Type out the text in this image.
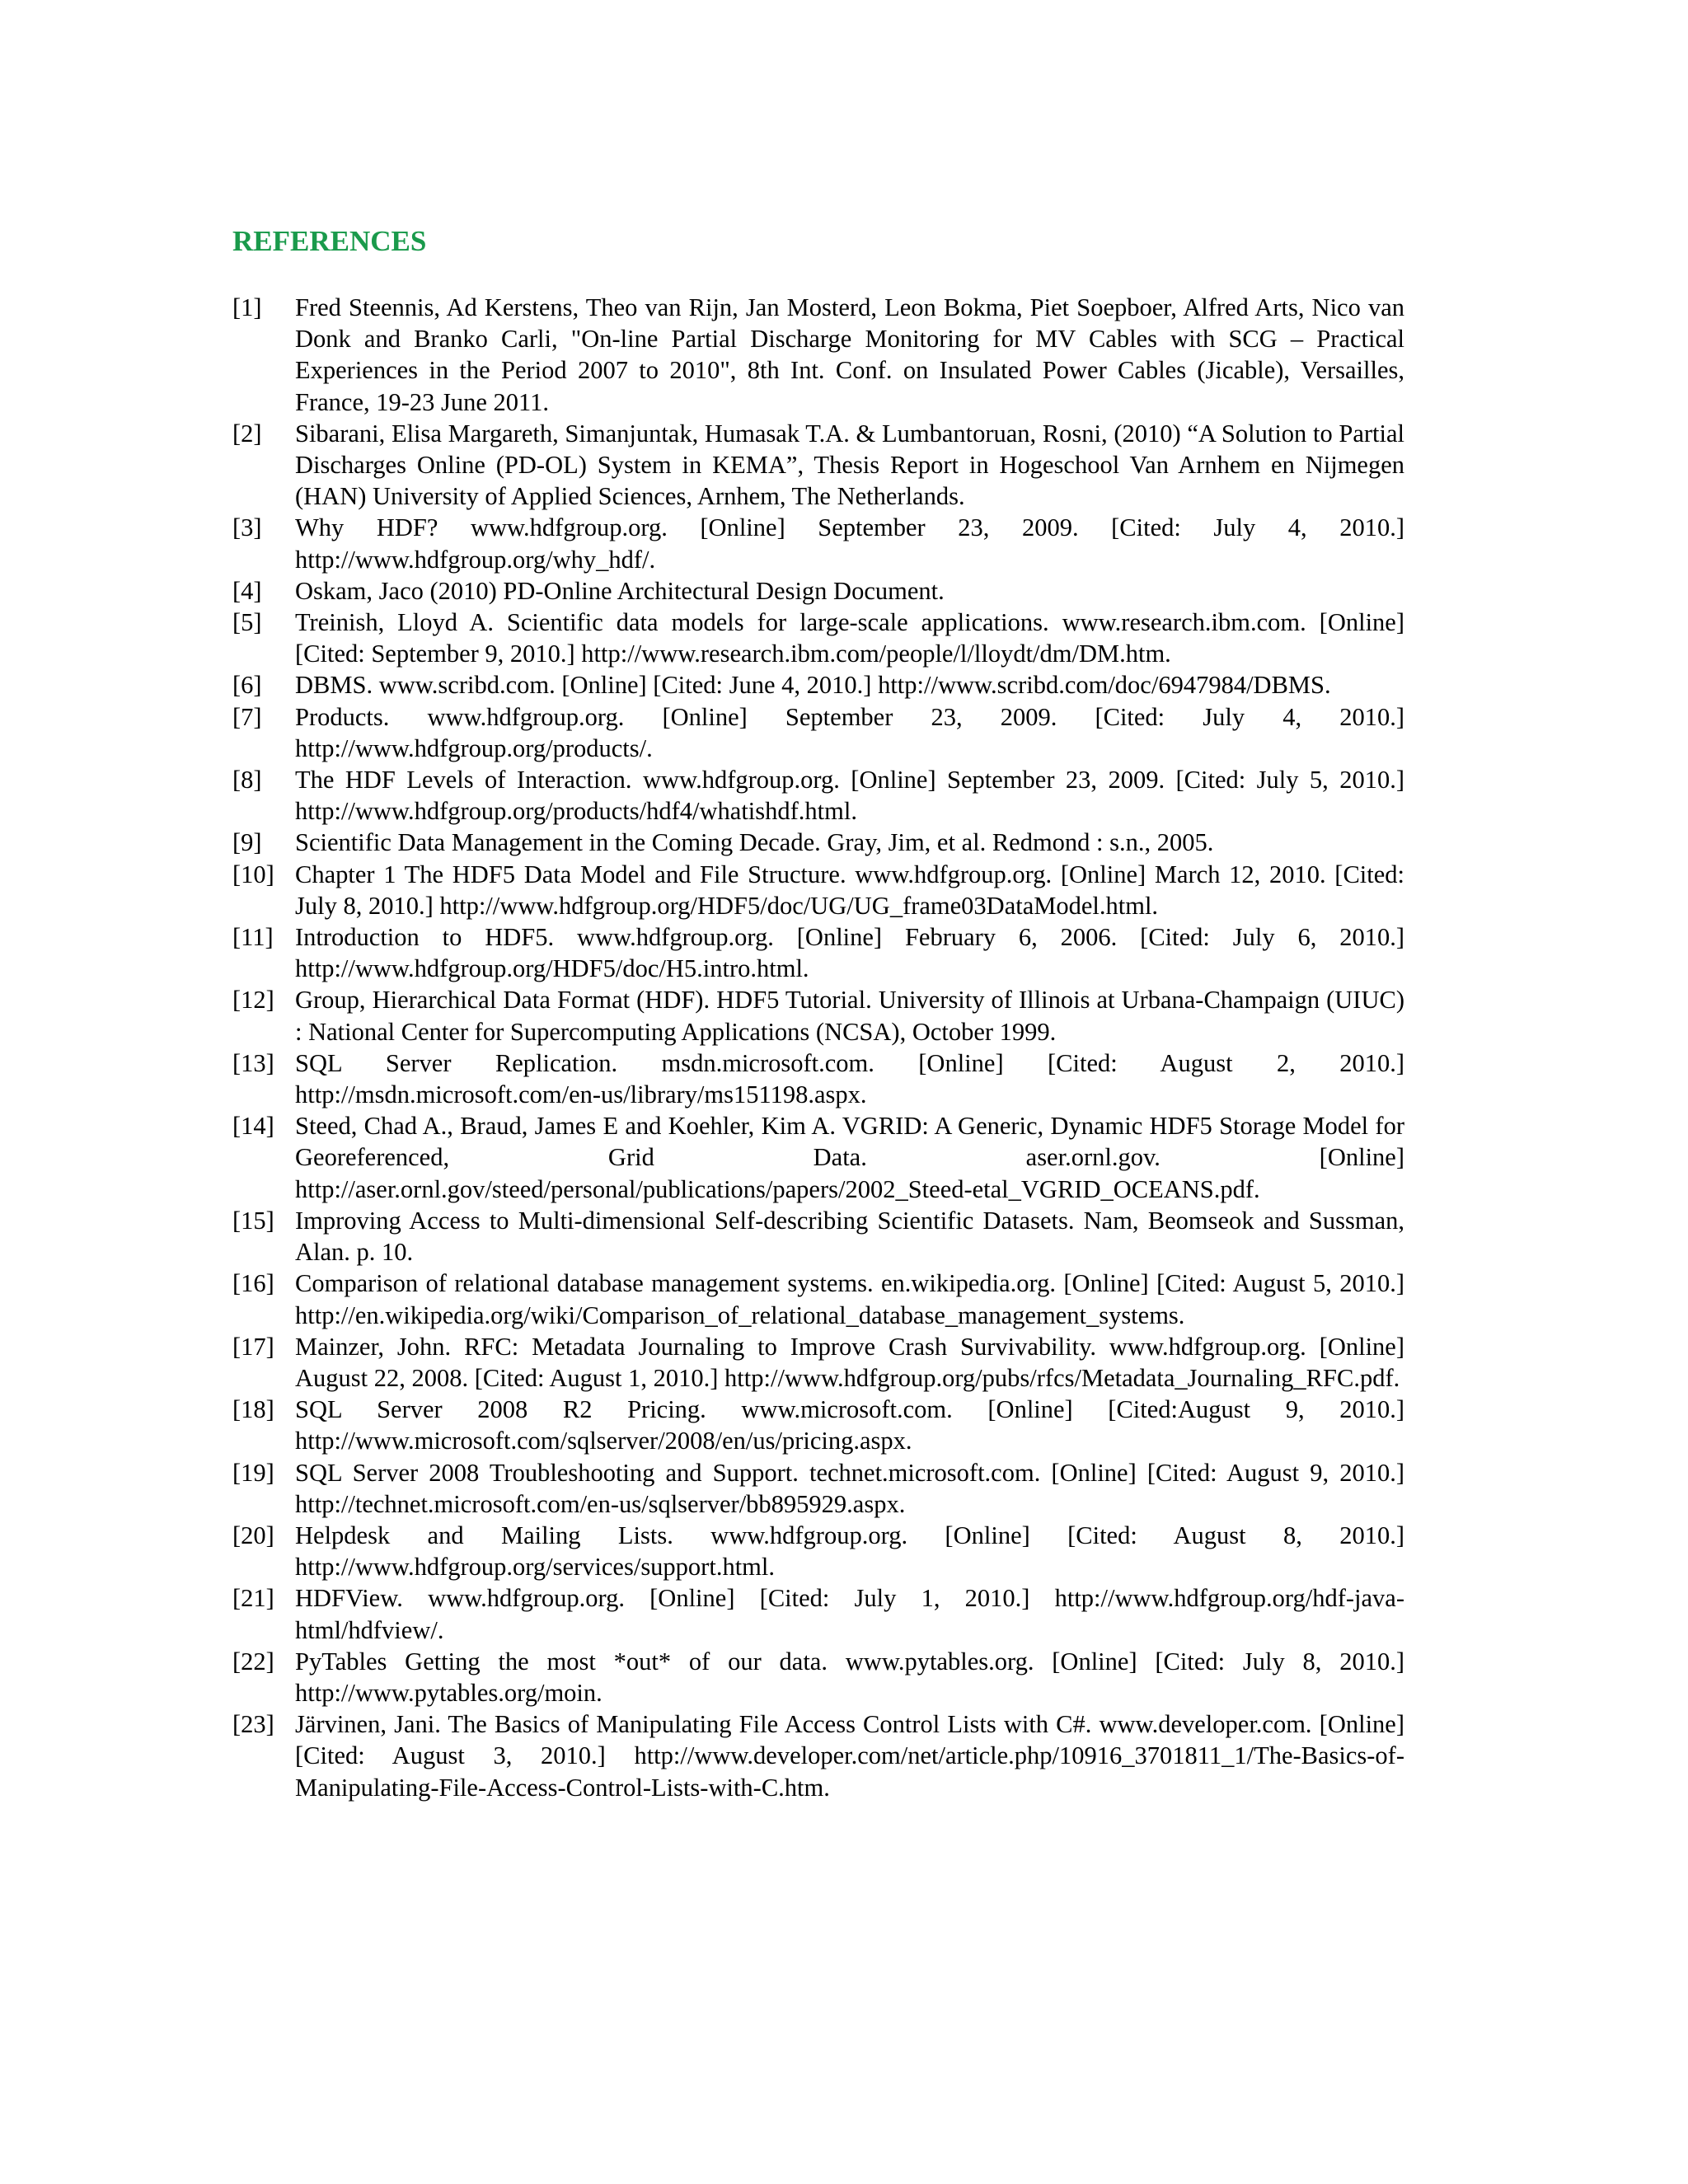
REFERENCES
[1]	Fred Steennis, Ad Kerstens, Theo van Rijn, Jan Mosterd, Leon Bokma, Piet Soepboer, Alfred Arts, Nico van Donk and Branko Carli, "On-line Partial Discharge Monitoring for MV Cables with SCG – Practical Experiences in the Period 2007 to 2010", 8th Int. Conf. on Insulated Power Cables (Jicable), Versailles, France, 19-23 June 2011.
[2]	Sibarani, Elisa Margareth, Simanjuntak, Humasak T.A. & Lumbantoruan, Rosni, (2010) “A Solution to Partial Discharges Online (PD-OL) System in KEMA”, Thesis Report in Hogeschool Van Arnhem en Nijmegen (HAN) University of Applied Sciences, Arnhem, The Netherlands.
[3]	Why HDF? www.hdfgroup.org. [Online] September 23, 2009. [Cited: July 4, 2010.] http://www.hdfgroup.org/why_hdf/.
[4]	Oskam, Jaco (2010) PD-Online Architectural Design Document.
[5]	Treinish, Lloyd A. Scientific data models for large-scale applications. www.research.ibm.com. [Online] [Cited: September 9, 2010.] http://www.research.ibm.com/people/l/lloydt/dm/DM.htm.
[6]	DBMS. www.scribd.com. [Online] [Cited: June 4, 2010.] http://www.scribd.com/doc/6947984/DBMS.
[7]	Products. www.hdfgroup.org. [Online] September 23, 2009. [Cited: July 4, 2010.] http://www.hdfgroup.org/products/.
[8]	The HDF Levels of Interaction. www.hdfgroup.org. [Online] September 23, 2009. [Cited: July 5, 2010.] http://www.hdfgroup.org/products/hdf4/whatishdf.html.
[9]	Scientific Data Management in the Coming Decade. Gray, Jim, et al. Redmond : s.n., 2005.
[10] Chapter 1 The HDF5 Data Model and File Structure. www.hdfgroup.org. [Online] March 12, 2010. [Cited: July 8, 2010.] http://www.hdfgroup.org/HDF5/doc/UG/UG_frame03DataModel.html.
[11] Introduction to HDF5. www.hdfgroup.org. [Online] February 6, 2006. [Cited: July 6, 2010.] http://www.hdfgroup.org/HDF5/doc/H5.intro.html.
[12] Group, Hierarchical Data Format (HDF). HDF5 Tutorial. University of Illinois at Urbana-Champaign (UIUC) : National Center for Supercomputing Applications (NCSA), October 1999.
[13] SQL Server Replication. msdn.microsoft.com. [Online] [Cited: August 2, 2010.] http://msdn.microsoft.com/en-us/library/ms151198.aspx.
[14] Steed, Chad A., Braud, James E and Koehler, Kim A. VGRID: A Generic, Dynamic HDF5 Storage Model for Georeferenced, Grid Data. aser.ornl.gov. [Online] http://aser.ornl.gov/steed/personal/publications/papers/2002_Steed-etal_VGRID_OCEANS.pdf.
[15] Improving Access to Multi-dimensional Self-describing Scientific Datasets. Nam, Beomseok and Sussman, Alan. p. 10.
[16] Comparison of relational database management systems. en.wikipedia.org. [Online] [Cited: August 5, 2010.] http://en.wikipedia.org/wiki/Comparison_of_relational_database_management_systems.
[17] Mainzer, John. RFC: Metadata Journaling to Improve Crash Survivability. www.hdfgroup.org. [Online] August 22, 2008. [Cited: August 1, 2010.] http://www.hdfgroup.org/pubs/rfcs/Metadata_Journaling_RFC.pdf.
[18] SQL Server 2008 R2 Pricing. www.microsoft.com. [Online] [Cited:August 9, 2010.] http://www.microsoft.com/sqlserver/2008/en/us/pricing.aspx.
[19] SQL Server 2008 Troubleshooting and Support. technet.microsoft.com. [Online] [Cited: August 9, 2010.] http://technet.microsoft.com/en-us/sqlserver/bb895929.aspx.
[20] Helpdesk and Mailing Lists. www.hdfgroup.org. [Online] [Cited: August 8, 2010.] http://www.hdfgroup.org/services/support.html.
[21] HDFView. www.hdfgroup.org. [Online] [Cited: July 1, 2010.] http://www.hdfgroup.org/hdf-java-html/hdfview/.
[22] PyTables Getting the most *out* of our data. www.pytables.org. [Online] [Cited: July 8, 2010.] http://www.pytables.org/moin.
[23] Järvinen, Jani. The Basics of Manipulating File Access Control Lists with C#. www.developer.com. [Online] [Cited: August 3, 2010.] http://www.developer.com/net/article.php/10916_3701811_1/The-Basics-of-Manipulating-File-Access-Control-Lists-with-C.htm.
